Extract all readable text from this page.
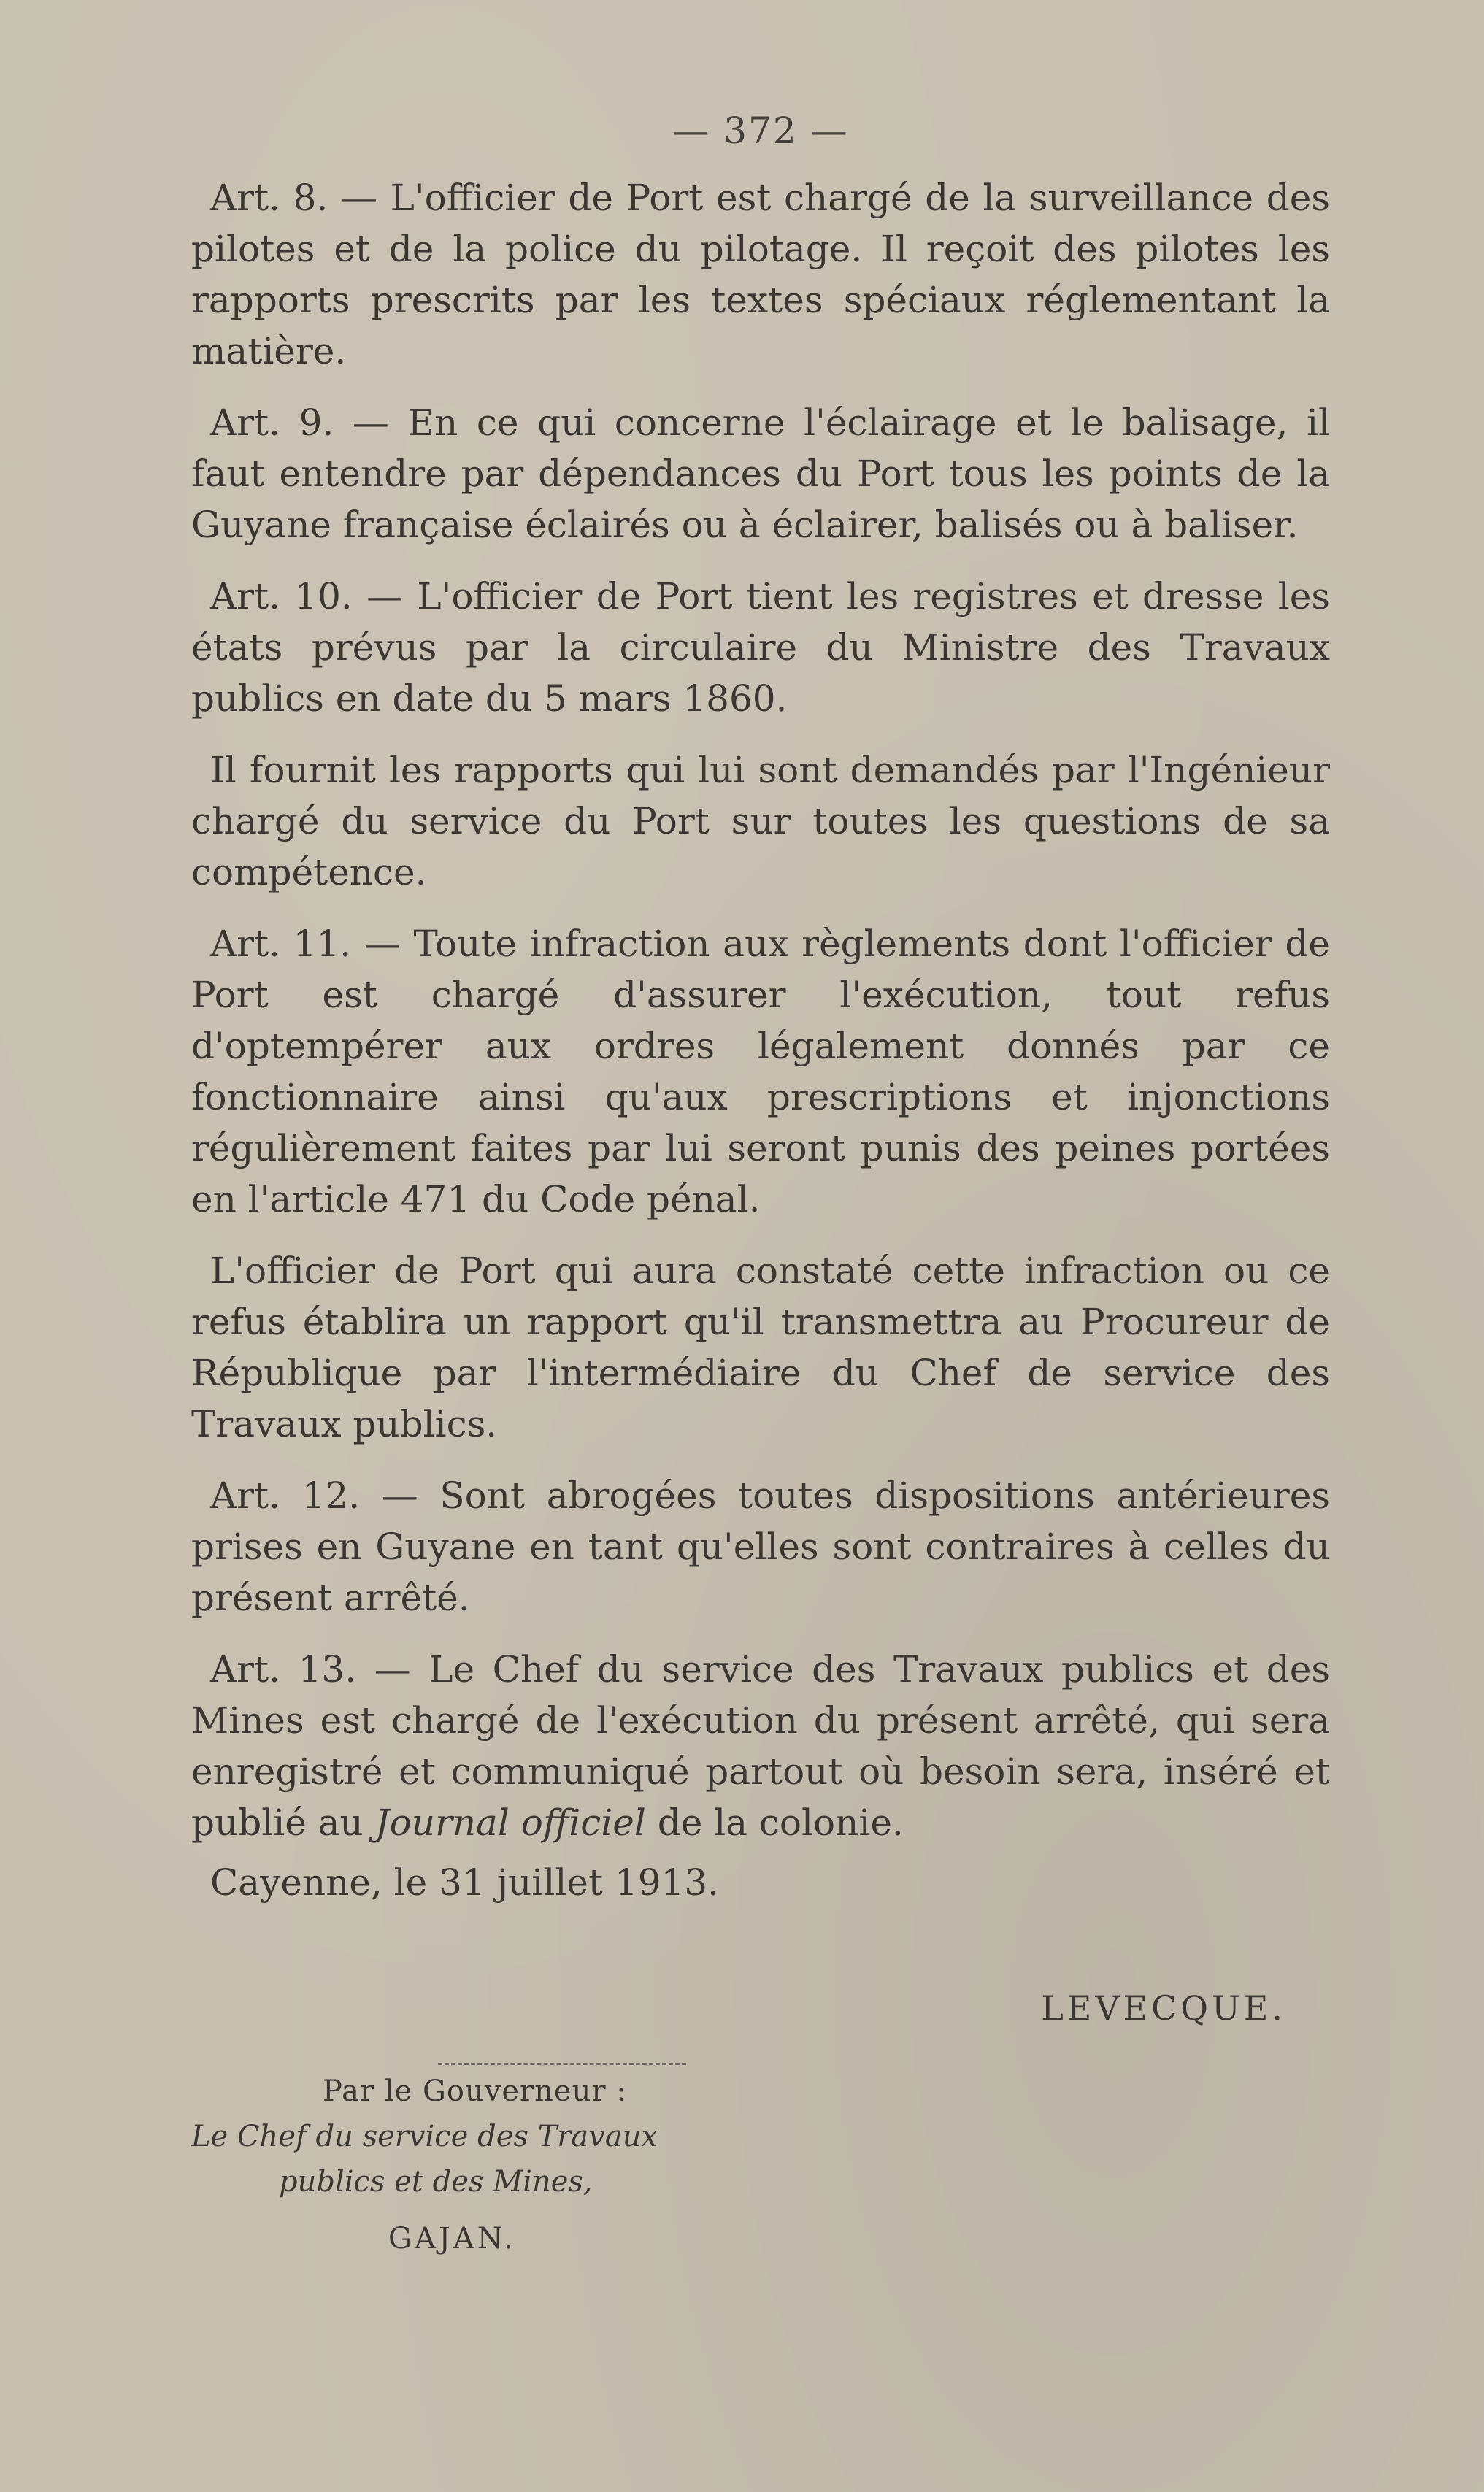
— 372 —

Art. 8. — L'officier de Port est chargé de la surveillance des pilotes et de la police du pilotage. Il reçoit des pilotes les rapports prescrits par les textes spéciaux réglementant la matière.

Art. 9. — En ce qui concerne l'éclairage et le balisage, il faut entendre par dépendances du Port tous les points de la Guyane française éclairés ou à éclairer, balisés ou à baliser.

Art. 10. — L'officier de Port tient les registres et dresse les états prévus par la circulaire du Ministre des Travaux publics en date du 5 mars 1860.

Il fournit les rapports qui lui sont demandés par l'Ingénieur chargé du service du Port sur toutes les questions de sa compétence.

Art. 11. — Toute infraction aux règlements dont l'officier de Port est chargé d'assurer l'exécution, tout refus d'optempérer aux ordres légalement donnés par ce fonctionnaire ainsi qu'aux prescriptions et injonctions régulièrement faites par lui seront punis des peines portées en l'article 471 du Code pénal.

L'officier de Port qui aura constaté cette infraction ou ce refus établira un rapport qu'il transmettra au Procureur de République par l'intermédiaire du Chef de service des Travaux publics.

Art. 12. — Sont abrogées toutes dispositions antérieures prises en Guyane en tant qu'elles sont contraires à celles du présent arrêté.

Art. 13. — Le Chef du service des Travaux publics et des Mines est chargé de l'exécution du présent arrêté, qui sera enregistré et communiqué partout où besoin sera, inséré et publié au Journal officiel de la colonie.

Cayenne, le 31 juillet 1913.
LEVECQUE.
Par le Gouverneur :
Le Chef du service des Travaux
publics et des Mines,
GAJAN.
